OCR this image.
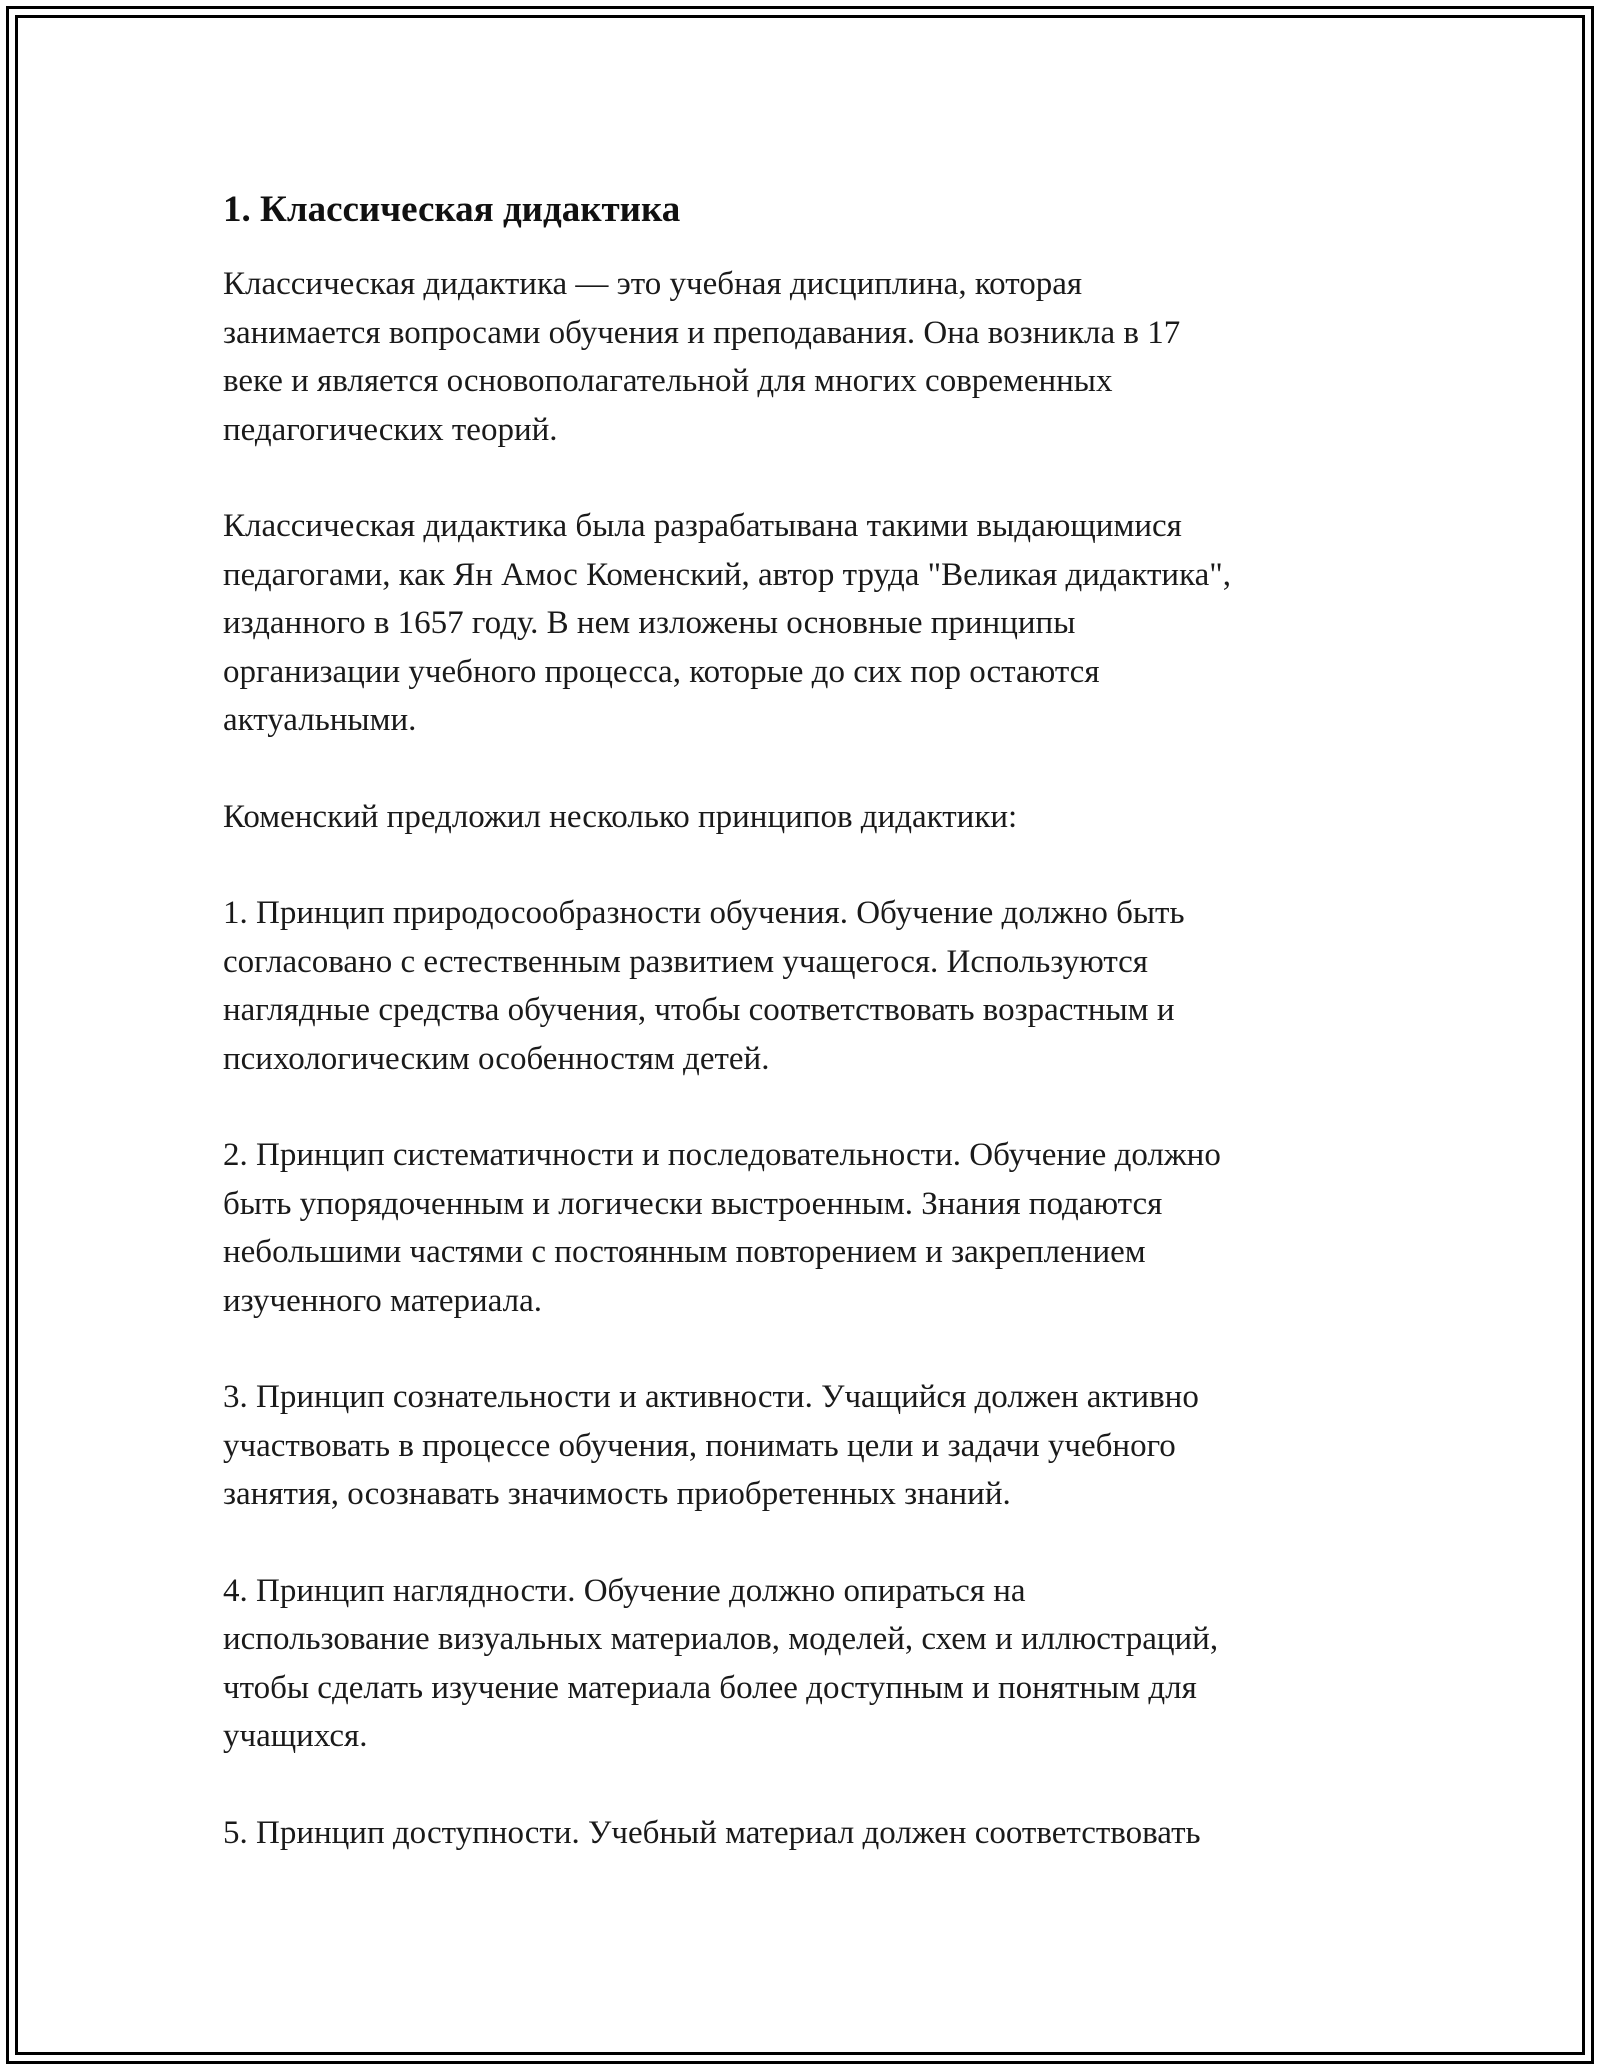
1. Классическая дидактика

Классическая дидактика — это учебная дисциплина, которая
занимается вопросами обучения и преподавания. Она возникла в 17
веке и является основополагательной для многих современных
педагогических теорий.

Классическая дидактика была разрабатывана такими выдающимися
педагогами, как Ян Амос Коменский, автор труда "Великая дидактика",
изданного в 1657 году. В нем изложены основные принципы
организации учебного процесса, которые до сих пор остаются
актуальными.

Коменский предложил несколько принципов дидактики:

1. Принцип природосообразности обучения. Обучение должно быть
согласовано с естественным развитием учащегося. Используются
наглядные средства обучения, чтобы соответствовать возрастным и
психологическим особенностям детей.

2. Принцип систематичности и последовательности. Обучение должно
быть упорядоченным и логически выстроенным. Знания подаются
небольшими частями с постоянным повторением и закреплением
изученного материала.

3. Принцип сознательности и активности. Учащийся должен активно
участвовать в процессе обучения, понимать цели и задачи учебного
занятия, осознавать значимость приобретенных знаний.

4. Принцип наглядности. Обучение должно опираться на
использование визуальных материалов, моделей, схем и иллюстраций,
чтобы сделать изучение материала более доступным и понятным для
учащихся.

5. Принцип доступности. Учебный материал должен соответствовать
